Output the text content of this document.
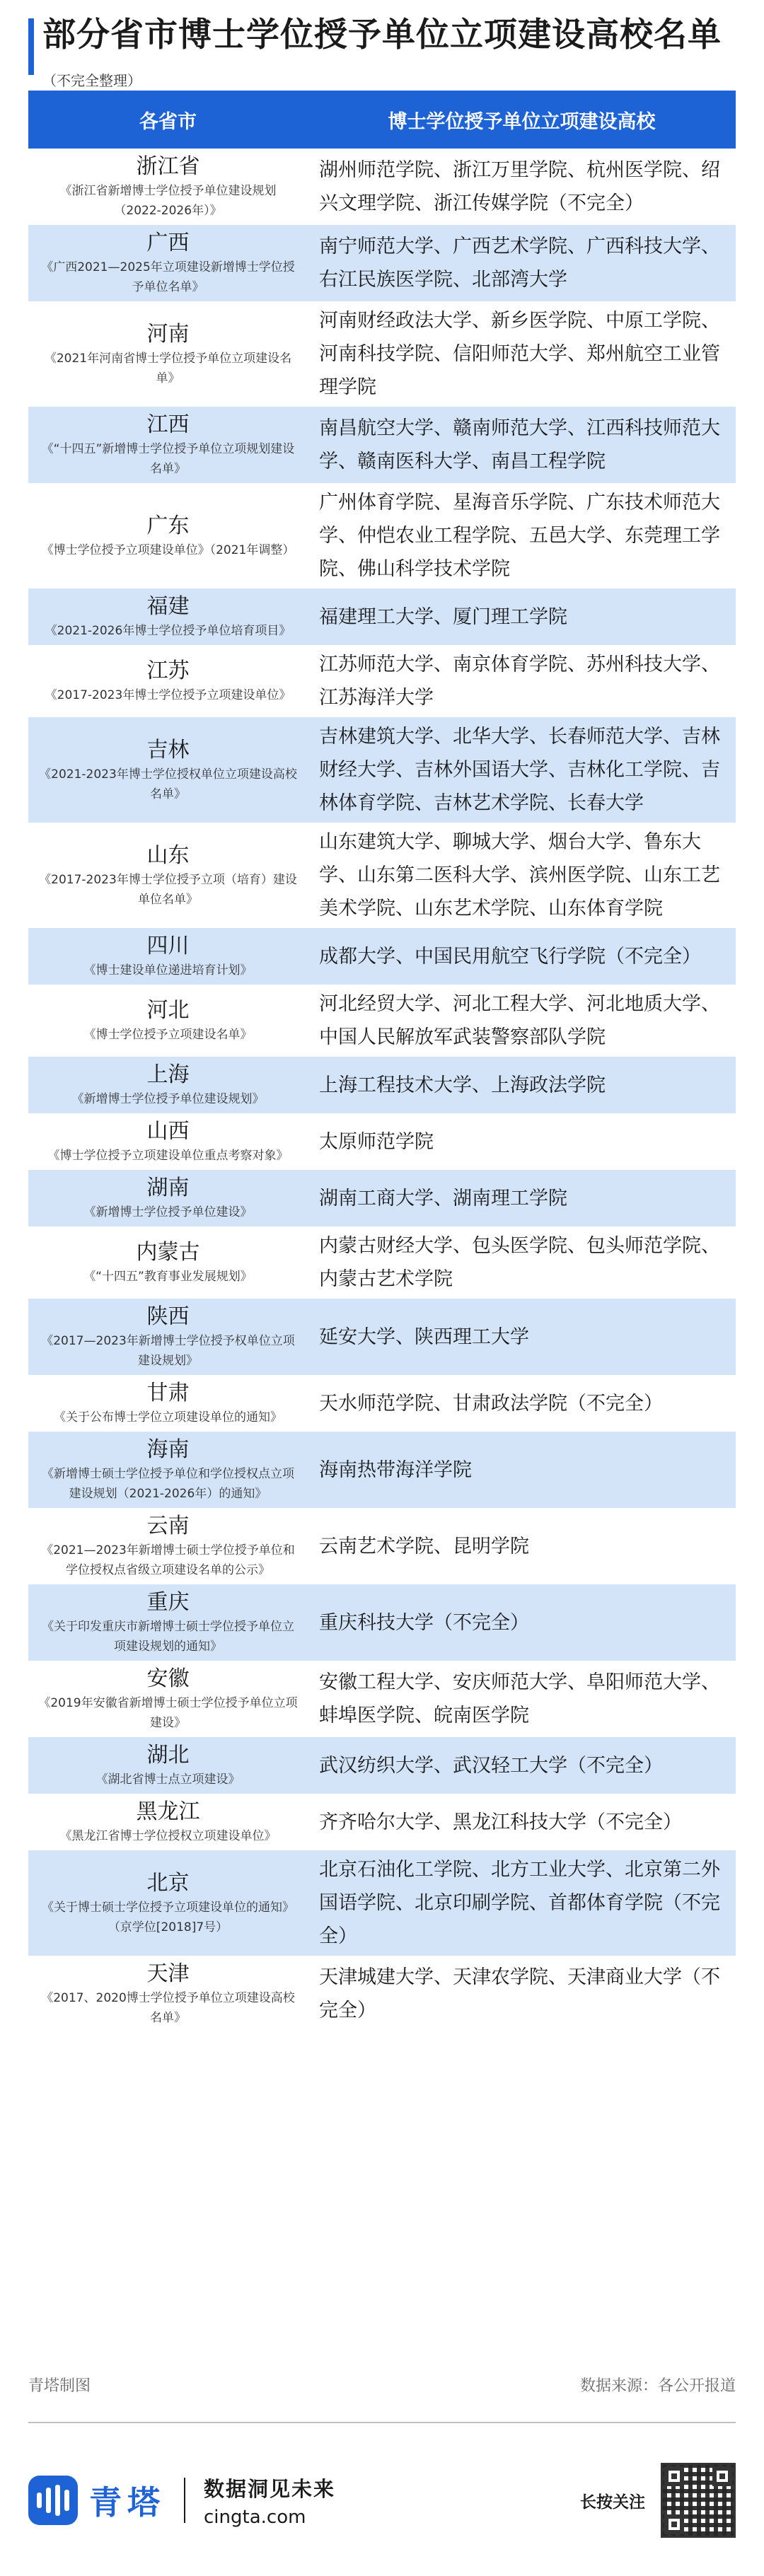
部分省市博士学位授予单位立项建设高校名单
（不完全整理）
各省市	博士学位授予单位立项建设高校

浙江省
《浙江省新增博士学位授予单位建设规划（2022-2026年）》	湖州师范学院、浙江万里学院、杭州医学院、绍兴文理学院、浙江传媒学院（不完全）

广西
《广西2021—2025年立项建设新增博士学位授予单位名单》	南宁师范大学、广西艺术学院、广西科技大学、右江民族医学院、北部湾大学

河南
《2021年河南省博士学位授予单位立项建设名单》	河南财经政法大学、新乡医学院、中原工学院、河南科技学院、信阳师范大学、郑州航空工业管理学院

江西
《“十四五”新增博士学位授予单位立项规划建设名单》	南昌航空大学、赣南师范大学、江西科技师范大学、赣南医科大学、南昌工程学院

广东
《博士学位授予立项建设单位》（2021年调整）	广州体育学院、星海音乐学院、广东技术师范大学、仲恺农业工程学院、五邑大学、东莞理工学院、佛山科学技术学院

福建
《2021-2026年博士学位授予单位培育项目》	福建理工大学、厦门理工学院

江苏
《2017-2023年博士学位授予立项建设单位》	江苏师范大学、南京体育学院、苏州科技大学、江苏海洋大学

吉林
《2021-2023年博士学位授权单位立项建设高校名单》	吉林建筑大学、北华大学、长春师范大学、吉林财经大学、吉林外国语大学、吉林化工学院、吉林体育学院、吉林艺术学院、长春大学

山东
《2017-2023年博士学位授予立项（培育）建设单位名单》	山东建筑大学、聊城大学、烟台大学、鲁东大学、山东第二医科大学、滨州医学院、山东工艺美术学院、山东艺术学院、山东体育学院

四川
《博士建设单位递进培育计划》	成都大学、中国民用航空飞行学院（不完全）

河北
《博士学位授予立项建设名单》	河北经贸大学、河北工程大学、河北地质大学、中国人民解放军武装警察部队学院

上海
《新增博士学位授予单位建设规划》	上海工程技术大学、上海政法学院

山西
《博士学位授予立项建设单位重点考察对象》	太原师范学院

湖南
《新增博士学位授予单位建设》	湖南工商大学、湖南理工学院

内蒙古
《“十四五”教育事业发展规划》	内蒙古财经大学、包头医学院、包头师范学院、内蒙古艺术学院

陕西
《2017—2023年新增博士学位授予权单位立项建设规划》	延安大学、陕西理工大学

甘肃
《关于公布博士学位立项建设单位的通知》	天水师范学院、甘肃政法学院（不完全）

海南
《新增博士硕士学位授予单位和学位授权点立项建设规划（2021-2026年）的通知》	海南热带海洋学院

云南
《2021—2023年新增博士硕士学位授予单位和学位授权点省级立项建设名单的公示》	云南艺术学院、昆明学院

重庆
《关于印发重庆市新增博士硕士学位授予单位立项建设规划的通知》	重庆科技大学（不完全）

安徽
《2019年安徽省新增博士硕士学位授予单位立项建设》	安徽工程大学、安庆师范大学、阜阳师范大学、蚌埠医学院、皖南医学院

湖北
《湖北省博士点立项建设》	武汉纺织大学、武汉轻工大学（不完全）

黑龙江
《黑龙江省博士学位授权立项建设单位》	齐齐哈尔大学、黑龙江科技大学（不完全）

北京
《关于博士硕士学位授予立项建设单位的通知》（京学位[2018]7号）	北京石油化工学院、北方工业大学、北京第二外国语学院、北京印刷学院、首都体育学院（不完全）

天津
《2017、2020博士学位授予单位立项建设高校名单》	天津城建大学、天津农学院、天津商业大学（不完全）
青塔制图	数据来源：各公开报道
青塔 数据洞见未来
cingta.com
长按关注
